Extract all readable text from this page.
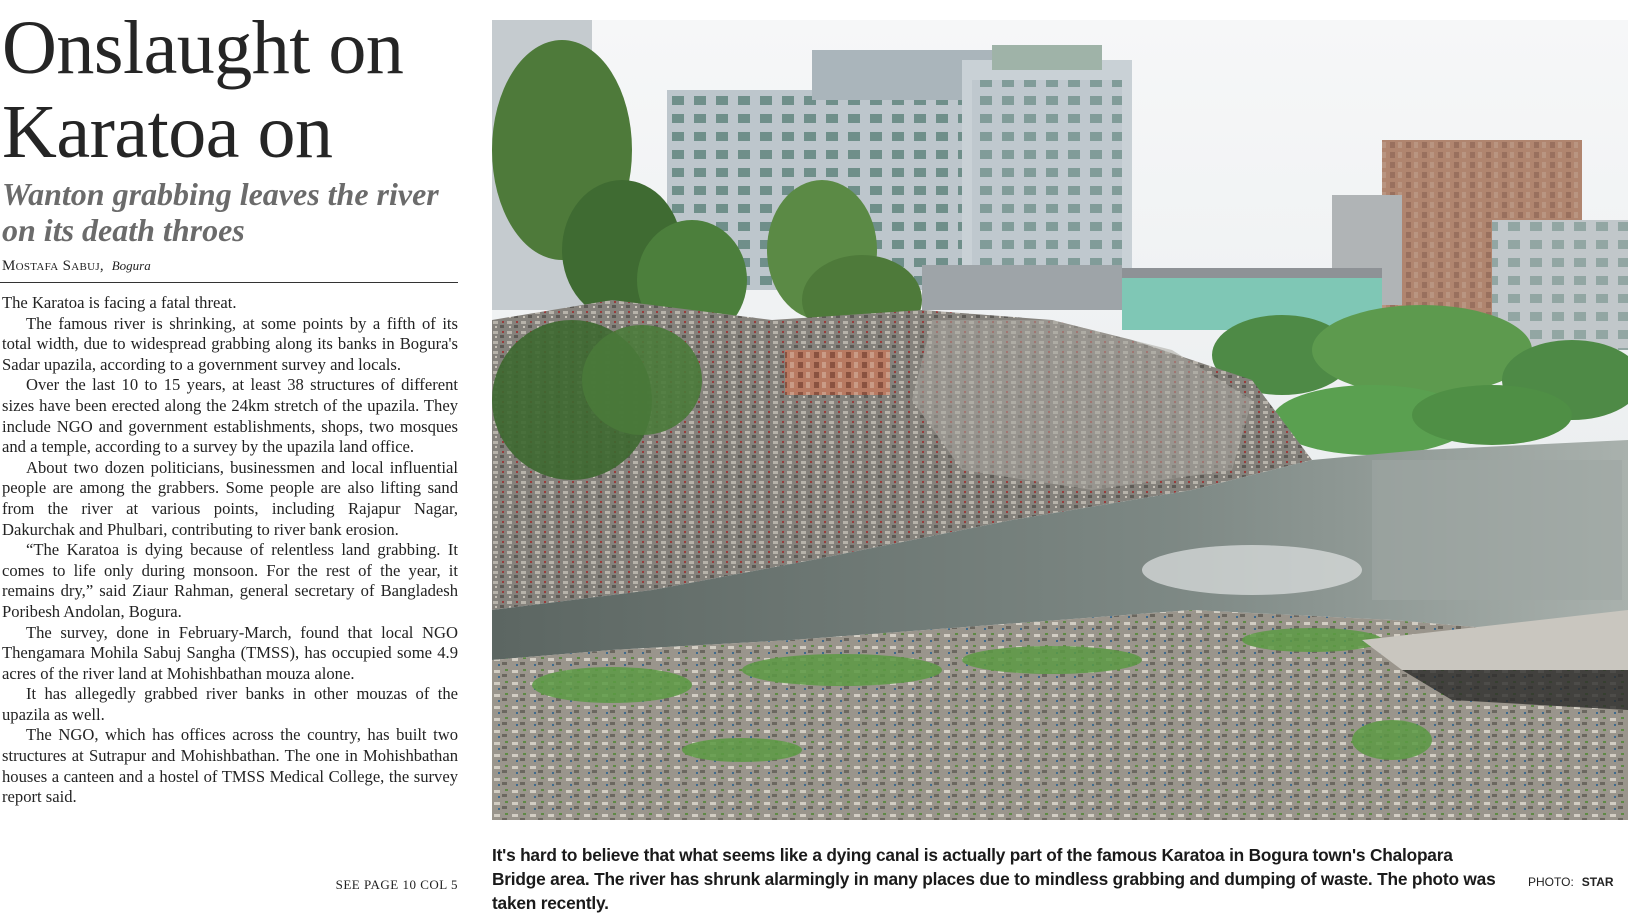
Onslaught on Karatoa on
Wanton grabbing leaves the river on its death throes
Mostafa Sabuj, Bogura

The Karatoa is facing a fatal threat.

The famous river is shrinking, at some points by a fifth of its total width, due to widespread grabbing along its banks in Bogura's Sadar upazila, according to a government survey and locals.

Over the last 10 to 15 years, at least 38 structures of different sizes have been erected along the 24km stretch of the upazila. They include NGO and government establishments, shops, two mosques and a temple, according to a survey by the upazila land office.

About two dozen politicians, businessmen and local influential people are among the grabbers. Some people are also lifting sand from the river at various points, including Rajapur Nagar, Dakurchak and Phulbari, contributing to river bank erosion.

“The Karatoa is dying because of relentless land grabbing. It comes to life only during monsoon. For the rest of the year, it remains dry,” said Ziaur Rahman, general secretary of Bangladesh Poribesh Andolan, Bogura.

The survey, done in February-March, found that local NGO Thengamara Mohila Sabuj Sangha (TMSS), has occupied some 4.9 acres of the river land at Mohishbathan mouza alone.

It has allegedly grabbed river banks in other mouzas of the upazila as well.

The NGO, which has offices across the country, has built two structures at Sutrapur and Mohishbathan. The one in Mohishbathan houses a canteen and a hostel of TMSS Medical College, the survey report said.

SEE PAGE 10 COL 5
It's hard to believe that what seems like a dying canal is actually part of the famous Karatoa in Bogura town's Chalopara Bridge area. The river has shrunk alarmingly in many places due to mindless grabbing and dumping of waste. The photo was taken recently.
PHOTO: STAR
